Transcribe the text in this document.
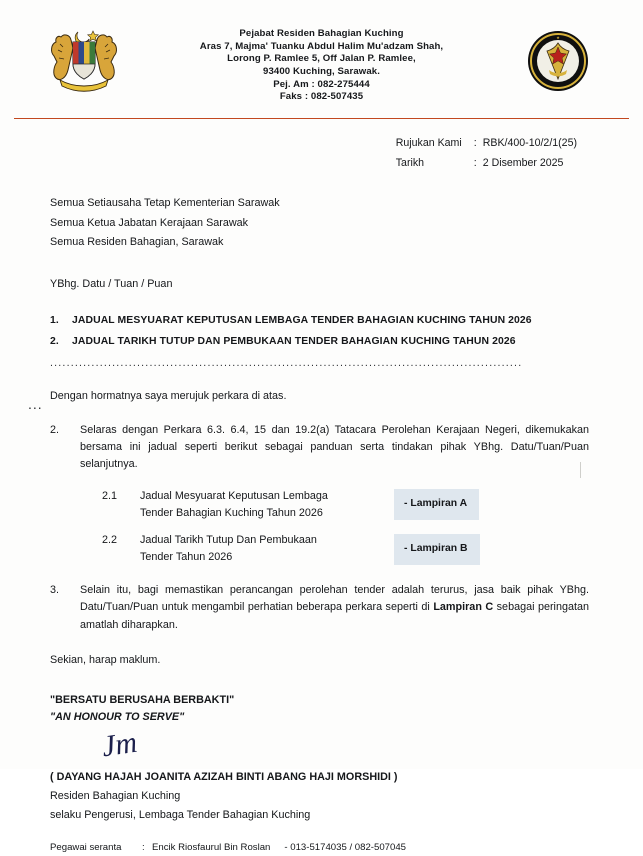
Pejabat Residen Bahagian Kuching
Aras 7, Majma' Tuanku Abdul Halim Mu'adzam Shah,
Lorong P. Ramlee 5, Off Jalan P. Ramlee,
93400 Kuching, Sarawak.
Pej. Am : 082-275444
Faks : 082-507435
★
Rujukan Kami	: RBK/400-10/2/1(25)
Tarikh	: 2 Disember 2025
...
Semua Setiausaha Tetap Kementerian Sarawak
Semua Ketua Jabatan Kerajaan Sarawak
Semua Residen Bahagian, Sarawak
YBhg. Datu / Tuan / Puan
1.	JADUAL MESYUARAT KEPUTUSAN LEMBAGA TENDER BAHAGIAN KUCHING TAHUN 2026
2.	JADUAL TARIKH TUTUP DAN PEMBUKAAN TENDER BAHAGIAN KUCHING TAHUN 2026
..................................................................................................................
Dengan hormatnya saya merujuk perkara di atas.
2.	Selaras dengan Perkara 6.3. 6.4, 15 dan 19.2(a) Tatacara Perolehan Kerajaan Negeri, dikemukakan bersama ini jadual seperti berikut sebagai panduan serta tindakan pihak YBhg. Datu/Tuan/Puan selanjutnya.
2.1	Jadual Mesyuarat Keputusan Lembaga
Tender Bahagian Kuching Tahun 2026
- Lampiran A
2.2	Jadual Tarikh Tutup Dan Pembukaan
Tender Tahun 2026
- Lampiran B
3.	Selain itu, bagi memastikan perancangan perolehan tender adalah terurus, jasa baik pihak YBhg. Datu/Tuan/Puan untuk mengambil perhatian beberapa perkara seperti di Lampiran C sebagai peringatan amatlah diharapkan.
Sekian, harap maklum.
"BERSATU BERUSAHA BERBAKTI"
"AN HONOUR TO SERVE"
Jm
( DAYANG HAJAH JOANITA AZIZAH BINTI ABANG HAJI MORSHIDI )
Residen Bahagian Kuching
selaku Pengerusi, Lembaga Tender Bahagian Kuching
Pegawai seranta	: Encik Riosfaurul Bin Roslan	- 013-5174035 / 082-507045
